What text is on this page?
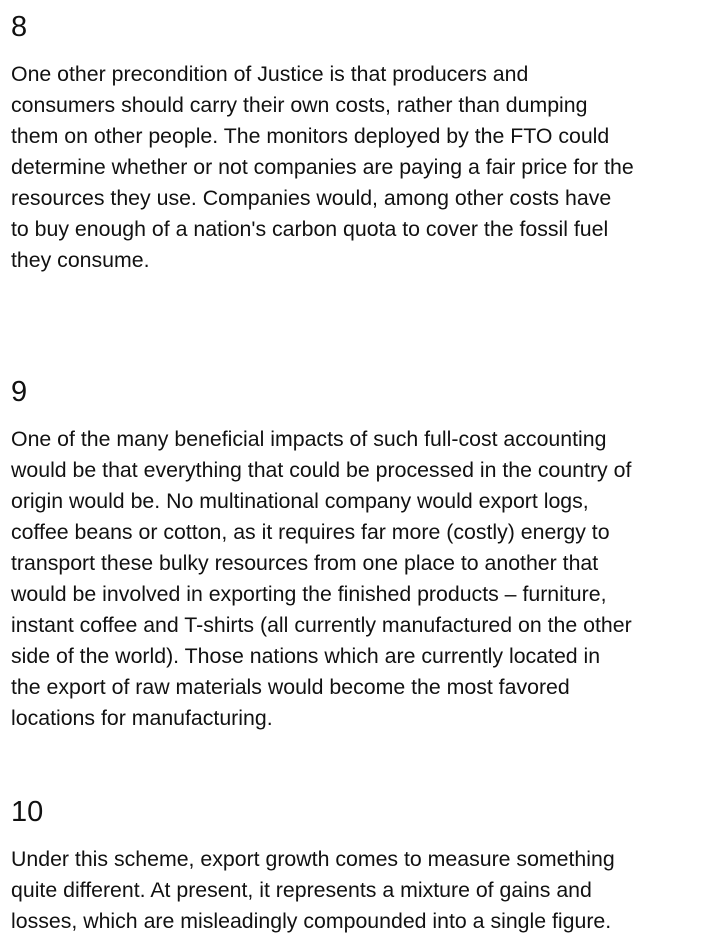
8
One other precondition of Justice is that producers and
consumers should carry their own costs, rather than dumping
them on other people. The monitors deployed by the FTO could
determine whether or not companies are paying a fair price for the
resources they use. Companies would, among other costs have
to buy enough of a nation's carbon quota to cover the fossil fuel
they consume.
9
One of the many beneficial impacts of such full-cost accounting
would be that everything that could be processed in the country of
origin would be. No multinational company would export logs,
coffee beans or cotton, as it requires far more (costly) energy to
transport these bulky resources from one place to another that
would be involved in exporting the finished products – furniture,
instant coffee and T-shirts (all currently manufactured on the other
side of the world). Those nations which are currently located in
the export of raw materials would become the most favored
locations for manufacturing.
10
Under this scheme, export growth comes to measure something
quite different. At present, it represents a mixture of gains and
losses, which are misleadingly compounded into a single figure.
